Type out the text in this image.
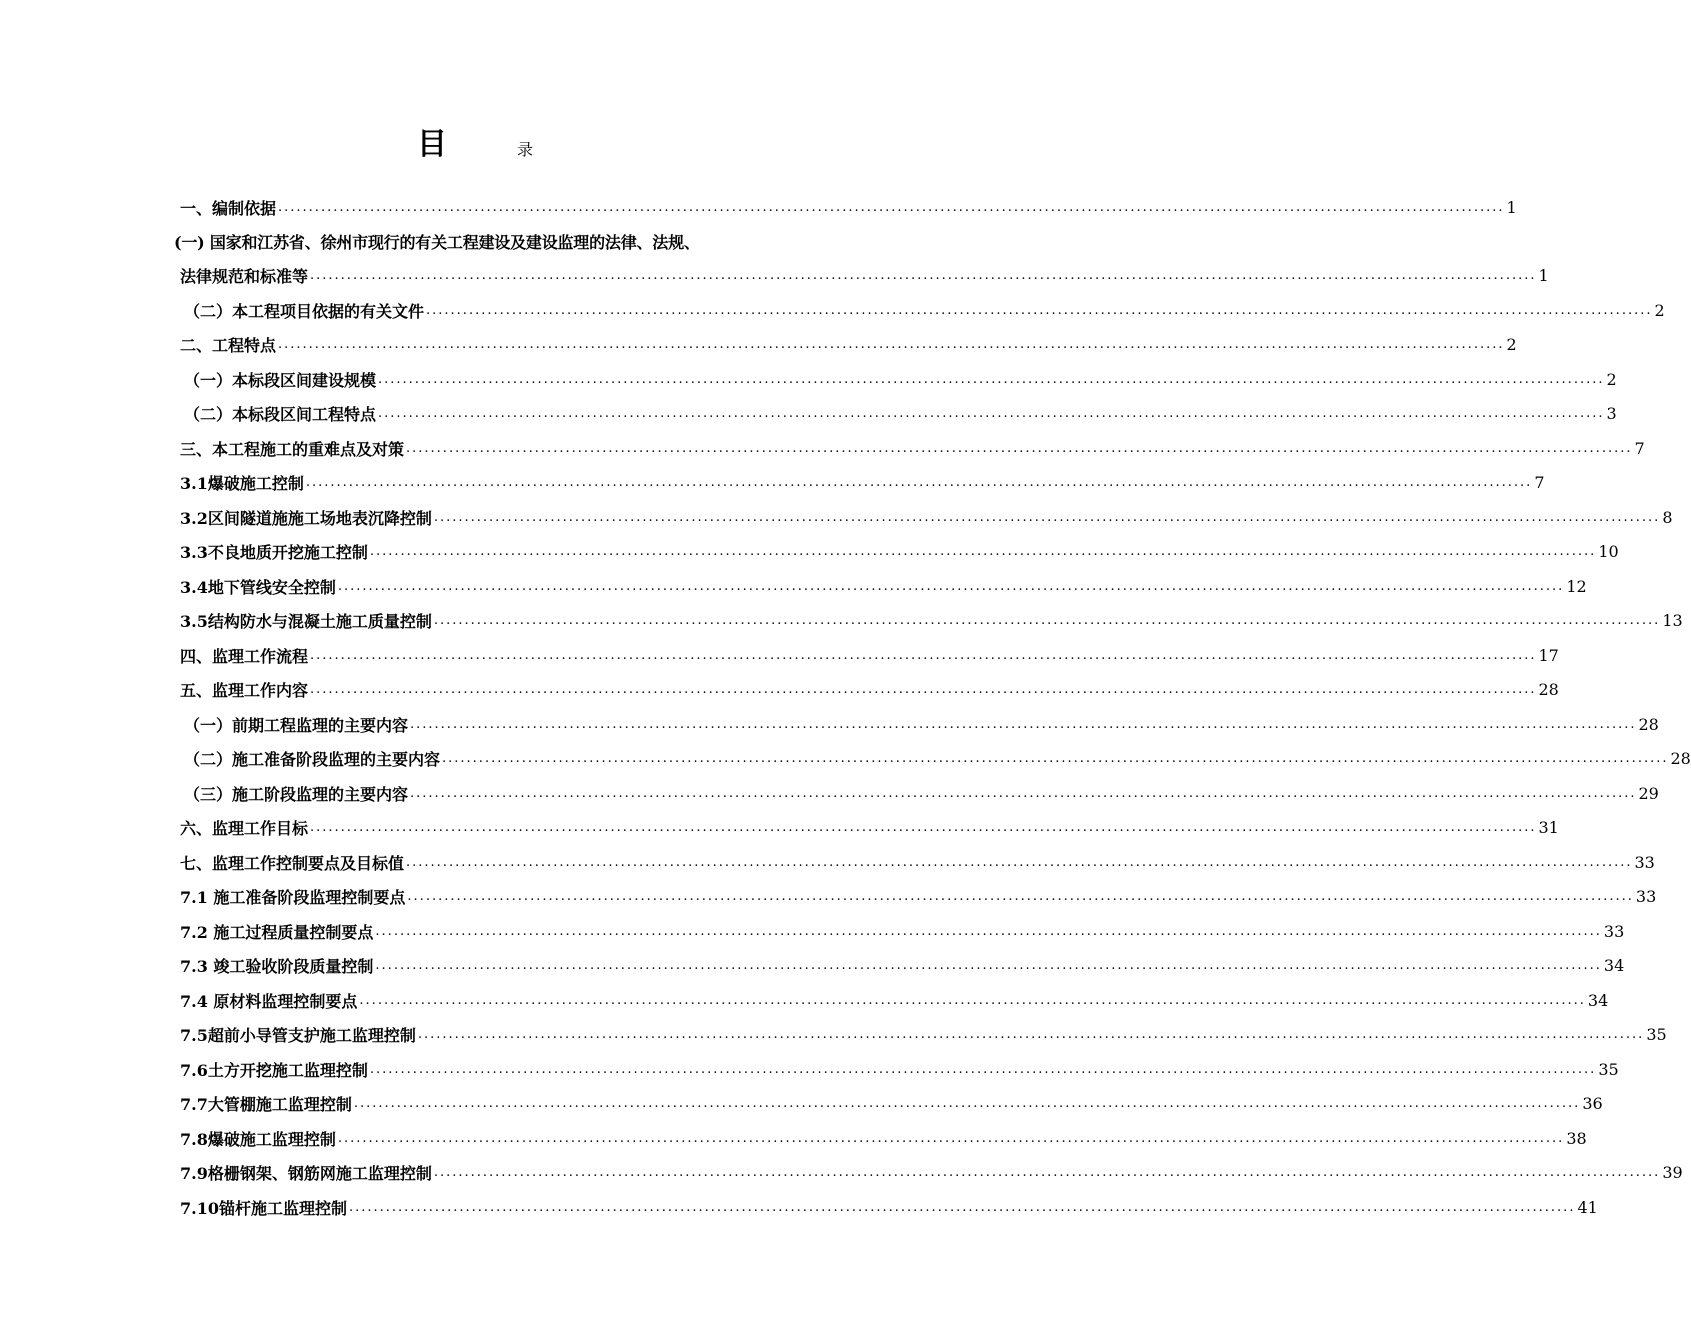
目	录
一、编制依据 ........................................................................................................................................................................................................ 1
(一) 国家和江苏省、徐州市现行的有关工程建设及建设监理的法律、法规、
法律规范和标准等 ........................................................................................................................................................................................................ 1
（二）本工程项目依据的有关文件 ........................................................................................................................................................................................................ 2
二、工程特点 ........................................................................................................................................................................................................ 2
（一）本标段区间建设规模 ........................................................................................................................................................................................................ 2
（二）本标段区间工程特点 ........................................................................................................................................................................................................ 3
三、本工程施工的重难点及对策 ........................................................................................................................................................................................................ 7
3.1爆破施工控制 ........................................................................................................................................................................................................ 7
3.2区间隧道施施工场地表沉降控制 ........................................................................................................................................................................................................ 8
3.3不良地质开挖施工控制 ........................................................................................................................................................................................................ 10
3.4地下管线安全控制 ........................................................................................................................................................................................................ 12
3.5结构防水与混凝土施工质量控制 ........................................................................................................................................................................................................ 13
四、监理工作流程 ........................................................................................................................................................................................................ 17
五、监理工作内容 ........................................................................................................................................................................................................ 28
（一）前期工程监理的主要内容 ........................................................................................................................................................................................................ 28
（二）施工准备阶段监理的主要内容 ........................................................................................................................................................................................................ 28
（三）施工阶段监理的主要内容 ........................................................................................................................................................................................................ 29
六、监理工作目标 ........................................................................................................................................................................................................ 31
七、监理工作控制要点及目标值 ........................................................................................................................................................................................................ 33
7.1 施工准备阶段监理控制要点 ........................................................................................................................................................................................................ 33
7.2 施工过程质量控制要点 ........................................................................................................................................................................................................ 33
7.3 竣工验收阶段质量控制 ........................................................................................................................................................................................................ 34
7.4 原材料监理控制要点 ........................................................................................................................................................................................................ 34
7.5超前小导管支护施工监理控制 ........................................................................................................................................................................................................ 35
7.6土方开挖施工监理控制 ........................................................................................................................................................................................................ 35
7.7大管棚施工监理控制 ........................................................................................................................................................................................................ 36
7.8爆破施工监理控制 ........................................................................................................................................................................................................ 38
7.9格栅钢架、钢筋网施工监理控制 ........................................................................................................................................................................................................ 39
7.10锚杆施工监理控制 ........................................................................................................................................................................................................ 41
